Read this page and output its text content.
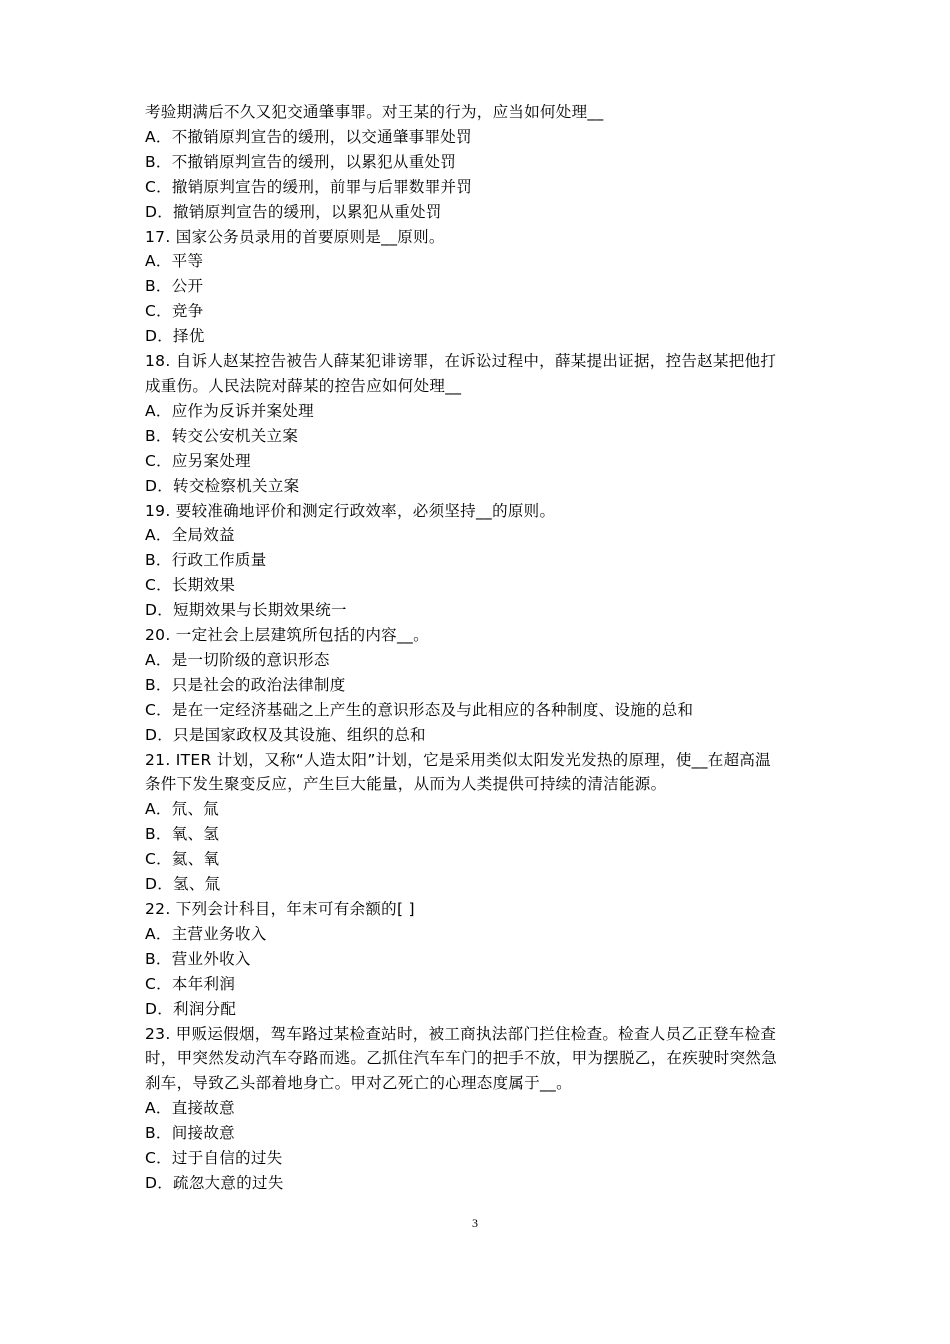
考验期满后不久又犯交通肇事罪。对王某的行为，应当如何处理__
A．不撤销原判宣告的缓刑，以交通肇事罪处罚
B．不撤销原判宣告的缓刑，以累犯从重处罚
C．撤销原判宣告的缓刑，前罪与后罪数罪并罚
D．撤销原判宣告的缓刑，以累犯从重处罚
17. 国家公务员录用的首要原则是__原则。
A．平等
B．公开
C．竞争
D．择优
18. 自诉人赵某控告被告人薛某犯诽谤罪，在诉讼过程中，薛某提出证据，控告赵某把他打
成重伤。人民法院对薛某的控告应如何处理__
A．应作为反诉并案处理
B．转交公安机关立案
C．应另案处理
D．转交检察机关立案
19. 要较准确地评价和测定行政效率，必须坚持__的原则。
A．全局效益
B．行政工作质量
C．长期效果
D．短期效果与长期效果统一
20. 一定社会上层建筑所包括的内容__。
A．是一切阶级的意识形态
B．只是社会的政治法律制度
C．是在一定经济基础之上产生的意识形态及与此相应的各种制度、设施的总和
D．只是国家政权及其设施、组织的总和
21. ITER 计划，又称“人造太阳”计划，它是采用类似太阳发光发热的原理，使__在超高温
条件下发生聚变反应，产生巨大能量，从而为人类提供可持续的清洁能源。
A．氘、氚
B．氧、氢
C．氦、氧
D．氢、氚
22. 下列会计科目，年末可有余额的[ ]
A．主营业务收入
B．营业外收入
C．本年利润
D．利润分配
23. 甲贩运假烟，驾车路过某检查站时，被工商执法部门拦住检查。检查人员乙正登车检查
时，甲突然发动汽车夺路而逃。乙抓住汽车车门的把手不放，甲为摆脱乙，在疾驶时突然急
刹车，导致乙头部着地身亡。甲对乙死亡的心理态度属于__。
A．直接故意
B．间接故意
C．过于自信的过失
D．疏忽大意的过失
3
